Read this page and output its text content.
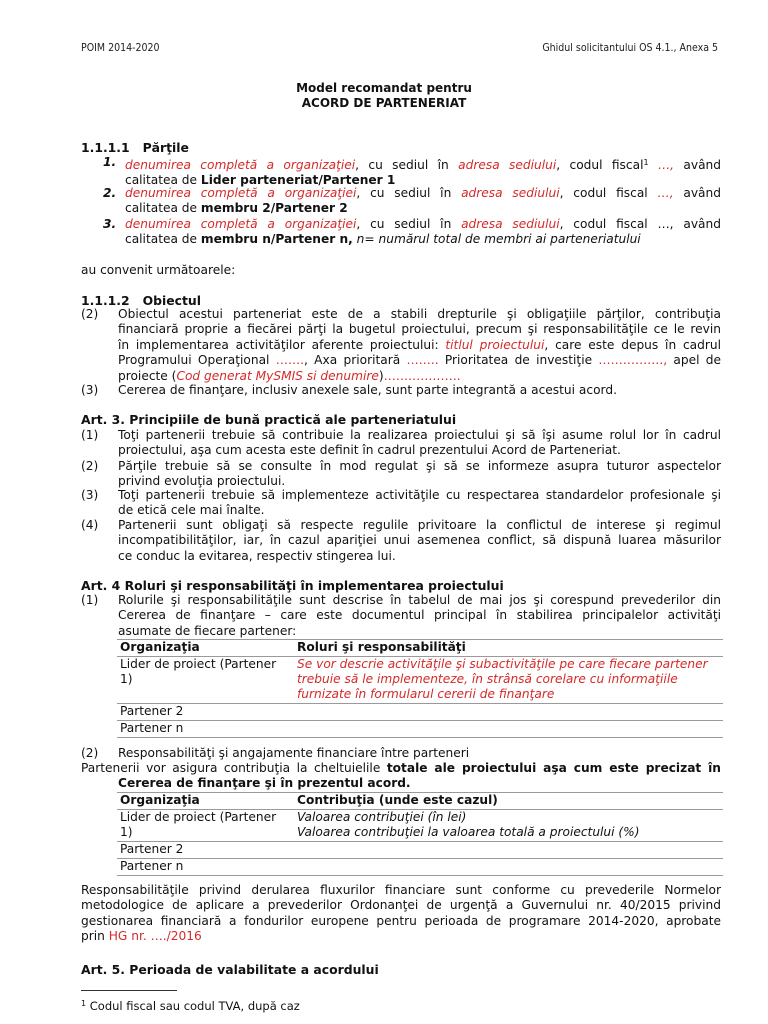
POIM 2014-2020	Ghidul solicitantului OS 4.1., Anexa 5
Model recomandat pentru
ACORD DE PARTENERIAT
1.1.1.1 Părţile
1. denumirea completă a organizaţiei, cu sediul în adresa sediului, codul fiscal$^1$ …, având
calitatea de Lider parteneriat/Partener 1
2. denumirea completă a organizaţiei, cu sediul în adresa sediului, codul fiscal …, având
calitatea de membru 2/Partener 2
3. denumirea completă a organizaţiei, cu sediul în adresa sediului, codul fiscal …, având
calitatea de membru n/Partener n, n= numărul total de membri ai parteneriatului
au convenit următoarele:
1.1.1.2 Obiectul
(2) Obiectul acestui parteneriat este de a stabili drepturile şi obligaţiile părţilor, contribuţia
financiară proprie a fiecărei părţi la bugetul proiectului, precum şi responsabilităţile ce le revin
în implementarea activităţilor aferente proiectului: titlul proiectului, care este depus în cadrul
Programului Operaţional ……., Axa prioritară …….. Prioritatea de investiţie ……………., apel de
proiecte (Cod generat MySMIS si denumire)……………….
(3) Cererea de finanţare, inclusiv anexele sale, sunt parte integrantă a acestui acord.
Art. 3. Principiile de bună practică ale parteneriatului
(1) Toţi partenerii trebuie să contribuie la realizarea proiectului şi să îşi asume rolul lor în cadrul
proiectului, aşa cum acesta este definit în cadrul prezentului Acord de Parteneriat.
(2) Părţile trebuie să se consulte în mod regulat şi să se informeze asupra tuturor aspectelor
privind evoluţia proiectului.
(3) Toţi partenerii trebuie să implementeze activităţile cu respectarea standardelor profesionale şi
de etică cele mai înalte.
(4) Partenerii sunt obligaţi să respecte regulile privitoare la conflictul de interese şi regimul
incompatibilităţilor, iar, în cazul apariţiei unui asemenea conflict, să dispună luarea măsurilor
ce conduc la evitarea, respectiv stingerea lui.
Art. 4 Roluri şi responsabilităţi în implementarea proiectului
(1) Rolurile şi responsabilităţile sunt descrise în tabelul de mai jos şi corespund prevederilor din
Cererea de finanţare – care este documentul principal în stabilirea principalelor activităţi
asumate de fiecare partener:
Organizaţia	Roluri şi responsabilităţi
Lider de proiect (Partener 1)	Se vor descrie activităţile şi subactivităţile pe care fiecare partener trebuie să le implementeze, în strânsă corelare cu informaţiile furnizate în formularul cererii de finanţare
Partener 2	
Partener n	
(2) Responsabilităţi şi angajamente financiare între parteneri
Partenerii vor asigura contribuţia la cheltuielile totale ale proiectului aşa cum este precizat în
Cererea de finanţare şi în prezentul acord.
Organizaţia	Contribuţia (unde este cazul)
Lider de proiect (Partener 1)	Valoarea contribuţiei (în lei)
Valoarea contribuţiei la valoarea totală a proiectului (%)

Partener 2	
Partener n	
Responsabilităţile privind derularea fluxurilor financiare sunt conforme cu prevederile Normelor
metodologice de aplicare a prevederilor Ordonanţei de urgenţă a Guvernului nr. 40/2015 privind
gestionarea financiară a fondurilor europene pentru perioada de programare 2014-2020, aprobate
prin HG nr. …./2016
Art. 5. Perioada de valabilitate a acordului
$^1$ Codul fiscal sau codul TVA, după caz
